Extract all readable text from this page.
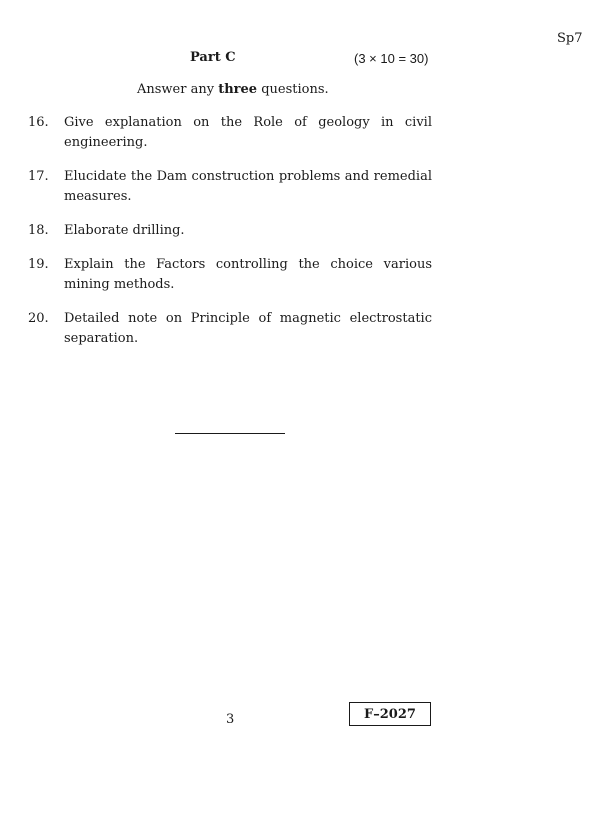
Sp7
Part C	(3 × 10 = 30)
Answer any three questions.
16.	Give explanation on the Role of geology in civil engineering.
17.	Elucidate the Dam construction problems and remedial measures.
18.	Elaborate drilling.
19.	Explain the Factors controlling the choice various mining methods.
20.	Detailed note on Principle of magnetic electrostatic separation.
3	F–2027
